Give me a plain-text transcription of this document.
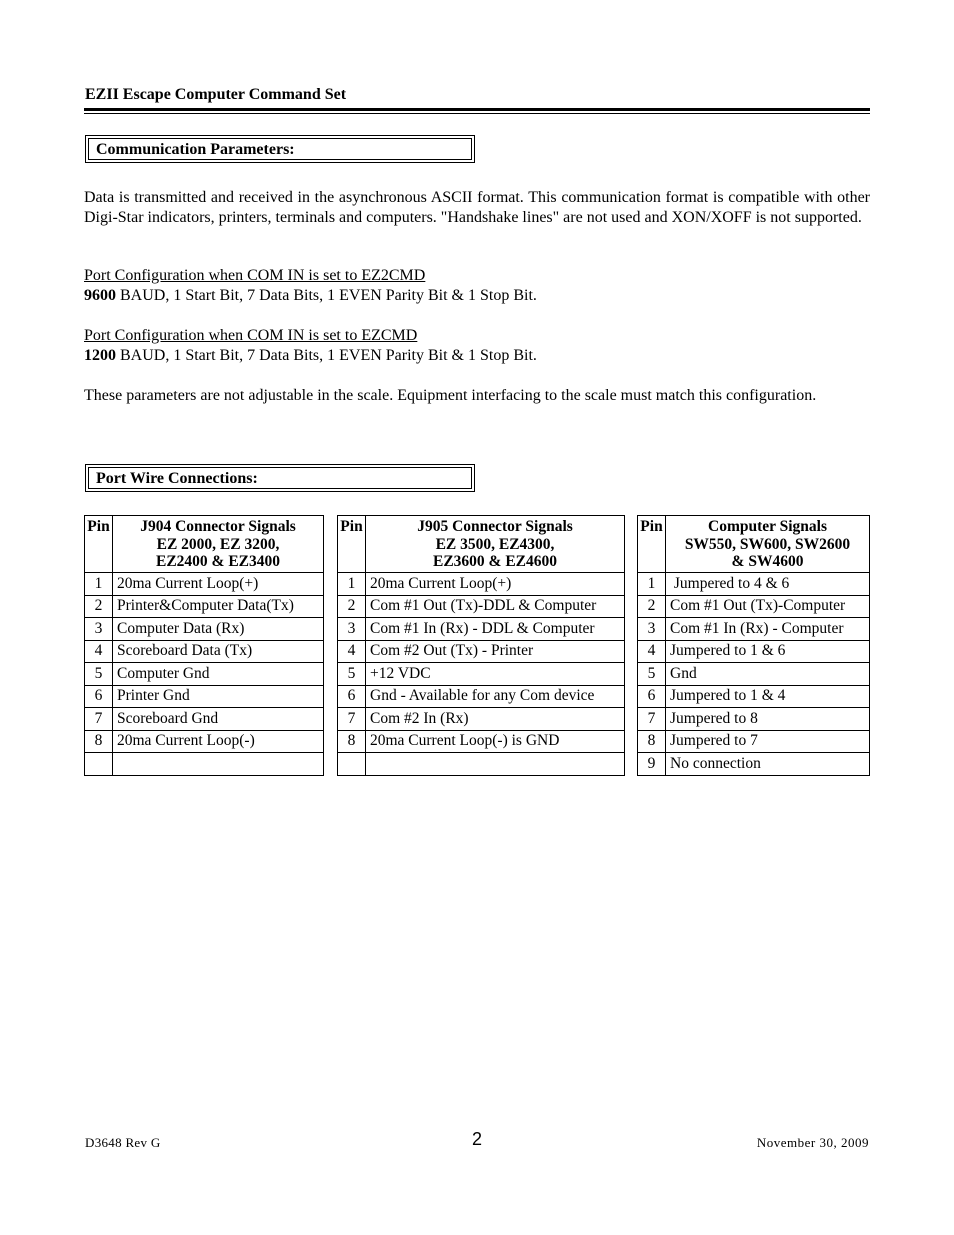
EZII Escape Computer Command Set
Communication Parameters:
Data is transmitted and received in the asynchronous ASCII format. This communication format is compatible with other Digi-Star indicators, printers, terminals and computers. "Handshake lines" are not used and XON/XOFF is not supported.
Port Configuration when COM IN is set to EZ2CMD
9600 BAUD, 1 Start Bit, 7 Data Bits, 1 EVEN Parity Bit & 1 Stop Bit.
Port Configuration when COM IN is set to EZCMD
1200 BAUD, 1 Start Bit, 7 Data Bits, 1 EVEN Parity Bit & 1 Stop Bit.
These parameters are not adjustable in the scale. Equipment interfacing to the scale must match this configuration.
Port Wire Connections:
Pin	J904 Connector Signals
EZ 2000, EZ 3200,
EZ2400 & EZ3400

1	20ma Current Loop(+)
2	Printer&Computer Data(Tx)
3	Computer Data (Rx)
4	Scoreboard Data (Tx)
5	Computer Gnd
6	Printer Gnd
7	Scoreboard Gnd
8	20ma Current Loop(-)

Pin	J905 Connector Signals
EZ 3500, EZ4300,
EZ3600 & EZ4600

1	20ma Current Loop(+)
2	Com #1 Out (Tx)-DDL & Computer
3	Com #1 In (Rx) - DDL & Computer
4	Com #2 Out (Tx) - Printer
5	+12 VDC
6	Gnd - Available for any Com device
7	Com #2 In (Rx)
8	20ma Current Loop(-) is GND

Pin	Computer Signals
SW550, SW600, SW2600
& SW4600

1	Jumpered to 4 & 6
2	Com #1 Out (Tx)-Computer
3	Com #1 In (Rx) - Computer
4	Jumpered to 1 & 6
5	Gnd
6	Jumpered to 1 & 4
7	Jumpered to 8
8	Jumpered to 7
9	No connection
D3648 Rev G	2	November 30, 2009
